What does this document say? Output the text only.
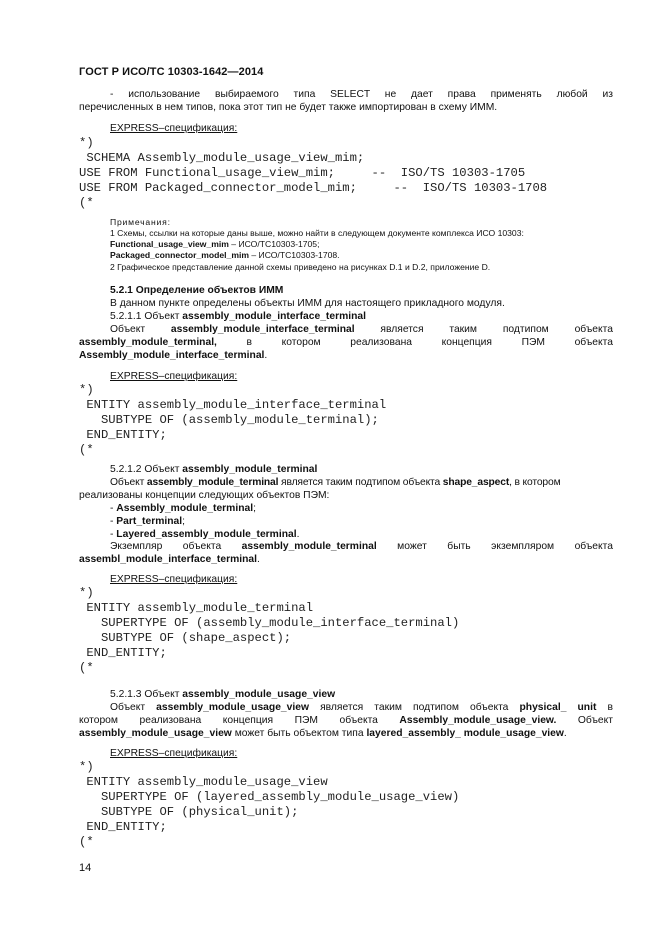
ГОСТ Р ИСО/ТС 10303-1642—2014
- использование выбираемого типа SELECT не дает права применять любой из
перечисленных в нем типов, пока этот тип не будет также импортирован в схему ИММ.
EXPRESS–спецификация:
*)
SCHEMA Assembly_module_usage_view_mim;
USE FROM Functional_usage_view_mim;     --  ISO/TS 10303-1705
USE FROM Packaged_connector_model_mim;     --  ISO/TS 10303-1708
(*
Примечания:
1 Схемы, ссылки на которые даны выше, можно найти в следующем документе комплекса ИСО 10303:
Functional_usage_view_mim – ИСО/ТС10303-1705;
Packaged_connector_model_mim – ИСО/ТС10303-1708.
2 Графическое представление данной схемы приведено на рисунках D.1 и D.2, приложение D.
5.2.1 Определение объектов ИММ
В данном пункте определены объекты ИММ для настоящего прикладного модуля.
5.2.1.1 Объект assembly_module_interface_terminal
Объект	assembly_module_interface_terminal	является	таким	подтипом	объекта
assembly_module_terminal,	в	котором	реализована	концепция	ПЭМ	объекта
Assembly_module_interface_terminal.
EXPRESS–спецификация:
*)
ENTITY assembly_module_interface_terminal
SUBTYPE OF (assembly_module_terminal);
END_ENTITY;
(*
5.2.1.2 Объект assembly_module_terminal
Объект assembly_module_terminal является таким подтипом объекта shape_aspect, в котором
реализованы концепции следующих объектов ПЭМ:
- Assembly_module_terminal;
- Part_terminal;
- Layered_assembly_module_terminal.
Экземпляр объекта assembly_module_terminal может быть экземпляром объекта
assembl_module_interface_terminal.
EXPRESS–спецификация:
*)
ENTITY assembly_module_terminal
SUPERTYPE OF (assembly_module_interface_terminal)
SUBTYPE OF (shape_aspect);
END_ENTITY;
(*
5.2.1.3 Объект assembly_module_usage_view
Объект assembly_module_usage_view является таким подтипом объекта physical_ unit в
котором реализована концепция ПЭМ объекта Assembly_module_usage_view. Объект
assembly_module_usage_view может быть объектом типа layered_assembly_ module_usage_view.
EXPRESS–спецификация:
*)
ENTITY assembly_module_usage_view
SUPERTYPE OF (layered_assembly_module_usage_view)
SUBTYPE OF (physical_unit);
END_ENTITY;
(*
14
